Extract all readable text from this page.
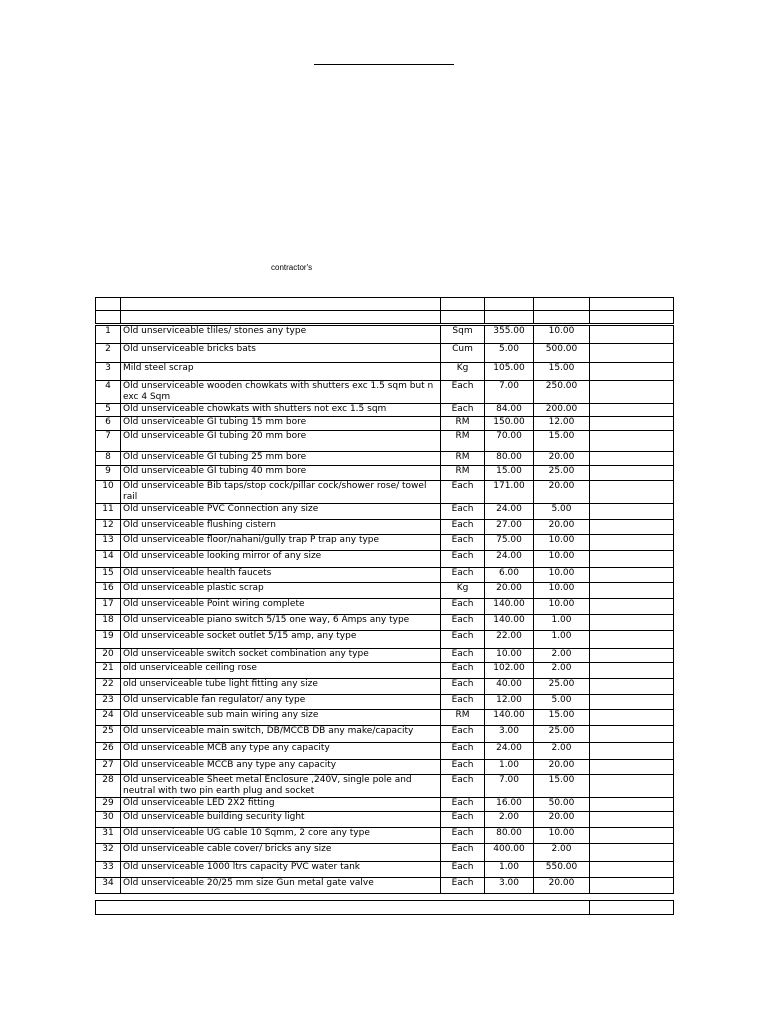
contractor's

1	Old unserviceable tliles/ stones any type	Sqm	355.00	10.00	
2	Old unserviceable bricks bats	Cum	5.00	500.00	
3	Mild steel scrap	Kg	105.00	15.00	
4	Old unserviceable wooden chowkats with shutters exc 1.5 sqm but n exc 4 Sqm	Each	7.00	250.00	
5	Old unserviceable chowkats with shutters not exc 1.5 sqm	Each	84.00	200.00	
6	Old unserviceable GI tubing 15 mm bore	RM	150.00	12.00	
7	Old unserviceable GI tubing 20 mm bore	RM	70.00	15.00	
8	Old unserviceable GI tubing 25 mm bore	RM	80.00	20.00	
9	Old unserviceable GI tubing 40 mm bore	RM	15.00	25.00	
10	Old unserviceable Bib taps/stop cock/pillar cock/shower rose/ towel rail	Each	171.00	20.00	
11	Old unserviceable PVC Connection any size	Each	24.00	5.00	
12	Old unserviceable flushing cistern	Each	27.00	20.00	
13	Old unserviceable floor/nahani/gully trap P trap any type	Each	75.00	10.00	
14	Old unserviceable looking mirror of any size	Each	24.00	10.00	
15	Old unserviceable health faucets	Each	6.00	10.00	
16	Old unserviceable plastic scrap	Kg	20.00	10.00	
17	Old unserviceable Point wiring complete	Each	140.00	10.00	
18	Old unserviceable piano switch 5/15 one way, 6 Amps any type	Each	140.00	1.00	
19	Old unserviceable socket outlet 5/15 amp, any type	Each	22.00	1.00	
20	Old unserviceable switch socket combination any type	Each	10.00	2.00	
21	old unserviceable ceiling rose	Each	102.00	2.00	
22	old unserviceable tube light fitting any size	Each	40.00	25.00	
23	Old unservicable fan regulator/ any type	Each	12.00	5.00	
24	Old unserviceable sub main wiring any size	RM	140.00	15.00	
25	Old unserviceable main switch, DB/MCCB DB any make/capacity	Each	3.00	25.00	
26	Old unserviceable MCB any type any capacity	Each	24.00	2.00	
27	Old unserviceable MCCB any type any capacity	Each	1.00	20.00	
28	Old unserviceable Sheet metal Enclosure ,240V, single pole and neutral with two pin earth plug and socket	Each	7.00	15.00	
29	Old unserviceable LED 2X2 fitting	Each	16.00	50.00	
30	Old unserviceable building security light	Each	2.00	20.00	
31	Old unserviceable UG cable 10 Sqmm, 2 core any type	Each	80.00	10.00	
32	Old unserviceable cable cover/ bricks any size	Each	400.00	2.00	
33	Old unserviceable 1000 ltrs capacity PVC water tank	Each	1.00	550.00	
34	Old unserviceable 20/25 mm size Gun metal gate valve	Each	3.00	20.00	
